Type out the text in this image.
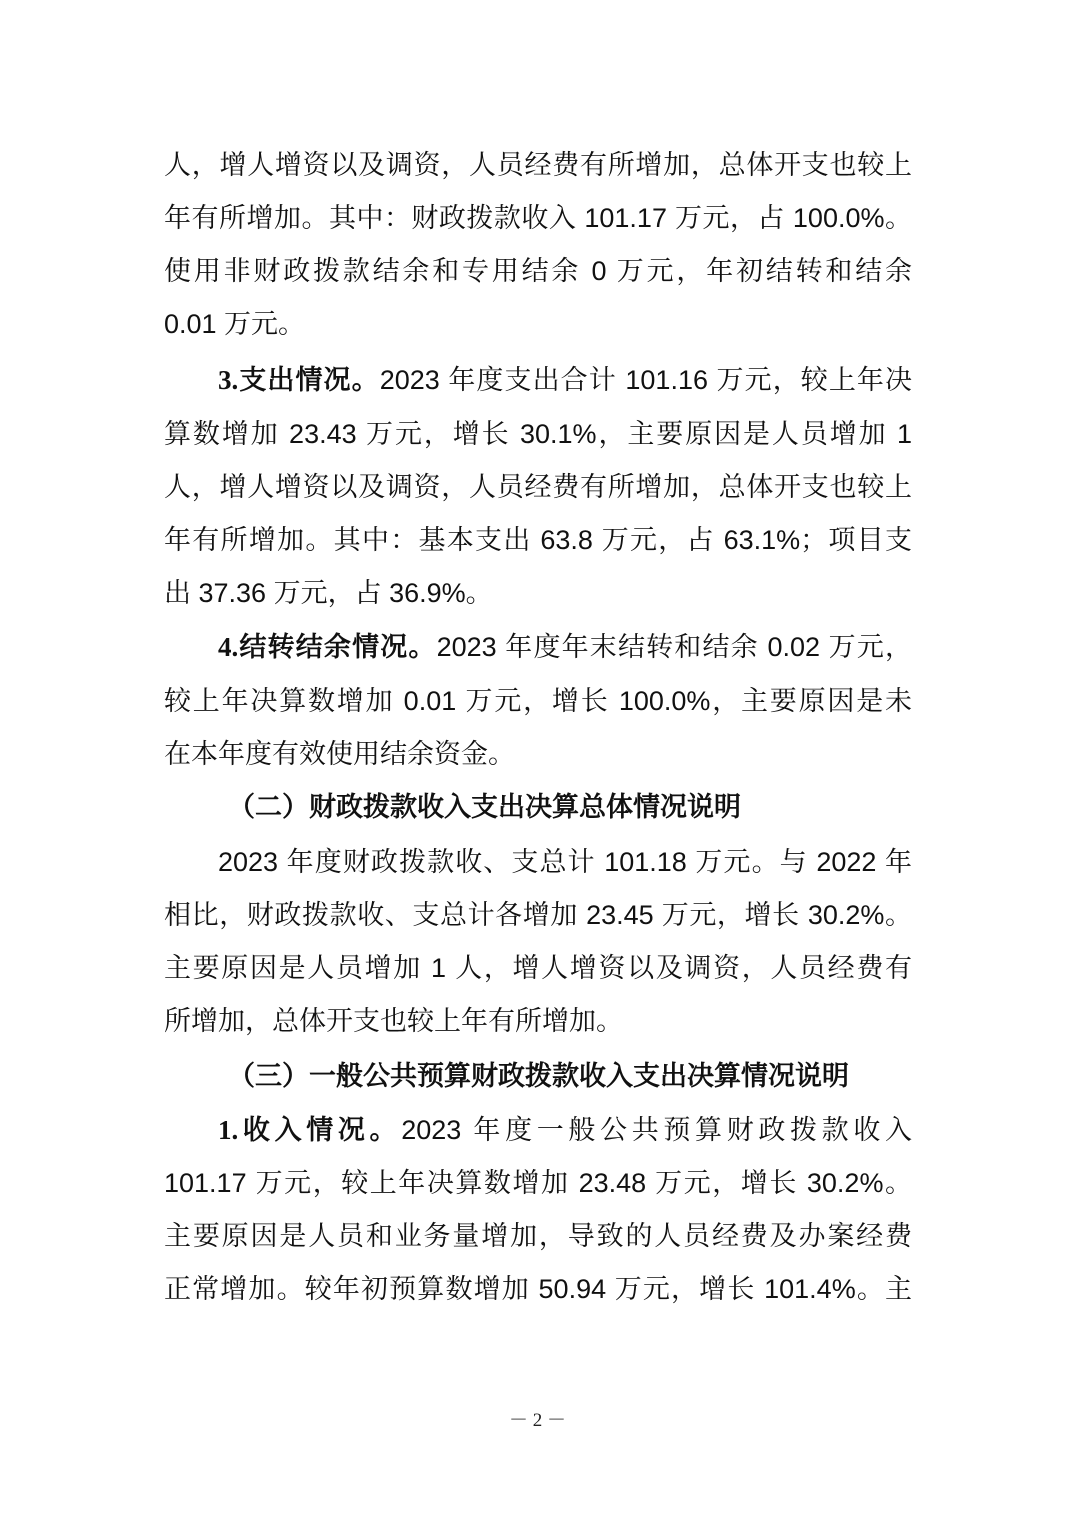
人，增人增资以及调资，人员经费有所增加，总体开支也较上
年有所增加。其中：财政拨款收入 101.17 万元，占 100.0%。
使用非财政拨款结余和专用结余 0 万元，年初结转和结余
0.01 万元。
3.支出情况。2023 年度支出合计 101.16 万元，较上年决
算数增加 23.43 万元，增长 30.1%，主要原因是人员增加 1
人，增人增资以及调资，人员经费有所增加，总体开支也较上
年有所增加。其中：基本支出 63.8 万元，占 63.1%；项目支
出 37.36 万元，占 36.9%。
4.结转结余情况。2023 年度年末结转和结余 0.02 万元，
较上年决算数增加 0.01 万元，增长 100.0%，主要原因是未
在本年度有效使用结余资金。
（二）财政拨款收入支出决算总体情况说明
2023 年度财政拨款收、支总计 101.18 万元。与 2022 年
相比，财政拨款收、支总计各增加 23.45 万元，增长 30.2%。
主要原因是人员增加 1 人，增人增资以及调资，人员经费有
所增加，总体开支也较上年有所增加。
（三）一般公共预算财政拨款收入支出决算情况说明
1.收入情况。2023 年度一般公共预算财政拨款收入
101.17 万元，较上年决算数增加 23.48 万元，增长 30.2%。
主要原因是人员和业务量增加，导致的人员经费及办案经费
正常增加。较年初预算数增加 50.94 万元，增长 101.4%。主
－ 2 －
